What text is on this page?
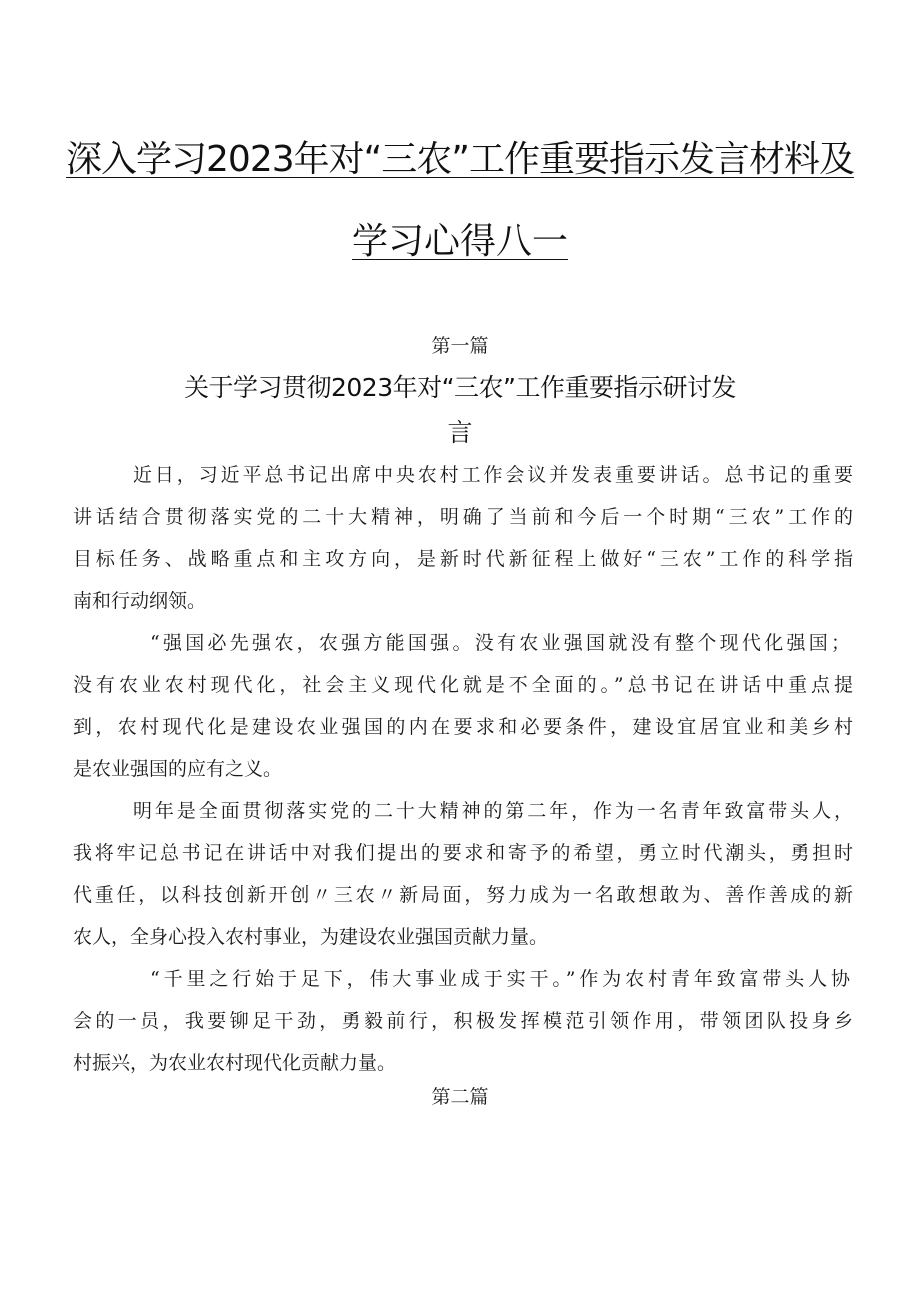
深入学习2023年对“三农”工作重要指示发言材料及
学习心得八一
第一篇
关于学习贯彻2023年对“三农”工作重要指示研讨发
言
近日，习近平总书记出席中央农村工作会议并发表重要讲话。总书记的重要
讲话结合贯彻落实党的二十大精神，明确了当前和今后一个时期“三农”工作的
目标任务、战略重点和主攻方向，是新时代新征程上做好“三农”工作的科学指
南和行动纲领。
“强国必先强农，农强方能国强。没有农业强国就没有整个现代化强国；
没有农业农村现代化，社会主义现代化就是不全面的。”总书记在讲话中重点提
到，农村现代化是建设农业强国的内在要求和必要条件，建设宜居宜业和美乡村
是农业强国的应有之义。
明年是全面贯彻落实党的二十大精神的第二年，作为一名青年致富带头人，
我将牢记总书记在讲话中对我们提出的要求和寄予的希望，勇立时代潮头，勇担时
代重任，以科技创新开创〃三农〃新局面，努力成为一名敢想敢为、善作善成的新
农人，全身心投入农村事业，为建设农业强国贡献力量。
“千里之行始于足下，伟大事业成于实干。”作为农村青年致富带头人协
会的一员，我要铆足干劲，勇毅前行，积极发挥模范引领作用，带领团队投身乡
村振兴，为农业农村现代化贡献力量。
第二篇
